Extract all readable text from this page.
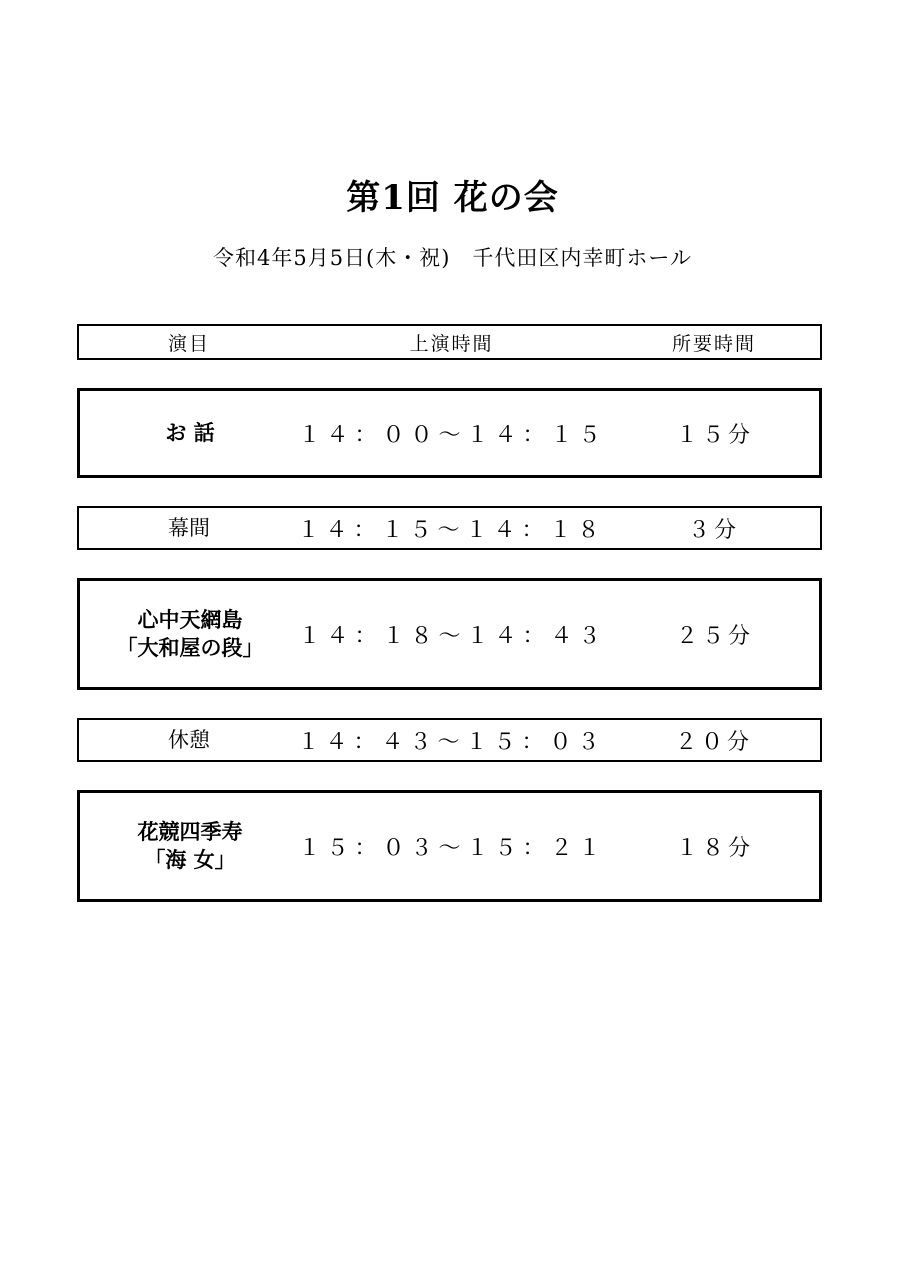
第1回 花の会
令和4年5月5日(木・祝)　千代田区内幸町ホール
演目	上演時間	所要時間
お 話	１４：００～１４：１５	１５分
幕間	１４：１５～１４：１８	３分
心中天網島
「大和屋の段」	１４：１８～１４：４３	２５分
休憩	１４：４３～１５：０３	２０分
花競四季寿
「海 女」	１５：０３～１５：２１	１８分
